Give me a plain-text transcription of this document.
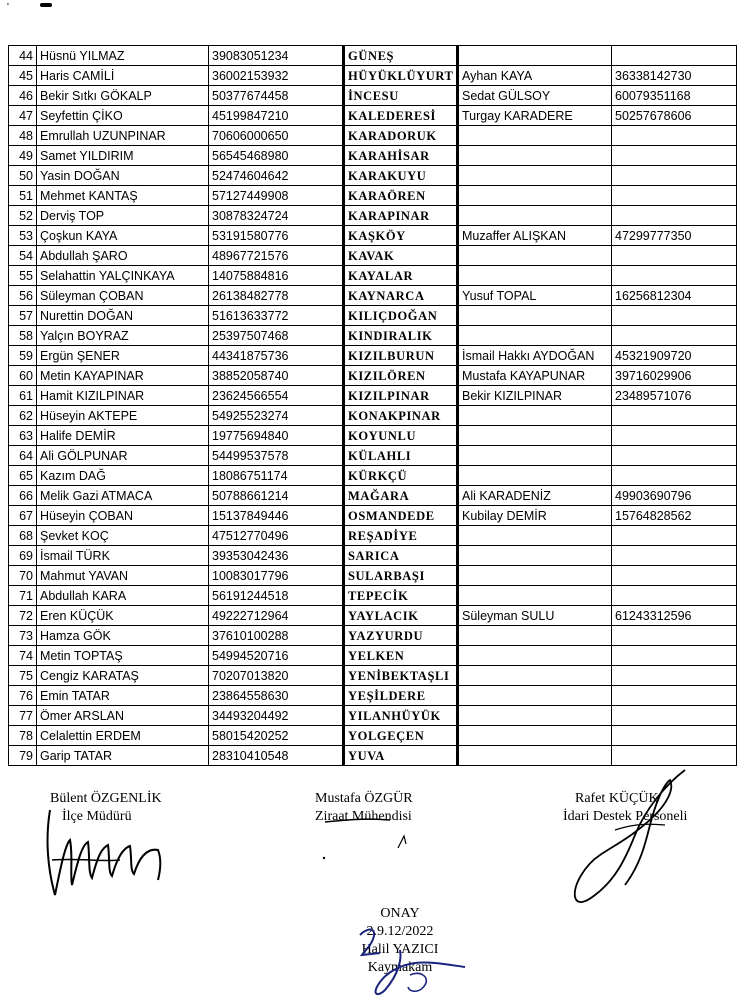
'
44	Hüsnü YILMAZ	39083051234	GÜNEŞ		
45	Haris CAMİLİ	36002153932	HÜYÜKLÜYURT	Ayhan KAYA	36338142730
46	Bekir Sıtkı GÖKALP	50377674458	İNCESU	Sedat GÜLSOY	60079351168
47	Seyfettin ÇİKO	45199847210	KALEDERESİ	Turgay KARADERE	50257678606
48	Emrullah UZUNPINAR	70606000650	KARADORUK		
49	Samet YILDIRIM	56545468980	KARAHİSAR		
50	Yasin DOĞAN	52474604642	KARAKUYU		
51	Mehmet KANTAŞ	57127449908	KARAÖREN		
52	Derviş TOP	30878324724	KARAPINAR		
53	Çoşkun KAYA	53191580776	KAŞKÖY	Muzaffer ALIŞKAN	47299777350
54	Abdullah ŞARO	48967721576	KAVAK		
55	Selahattin YALÇINKAYA	14075884816	KAYALAR		
56	Süleyman ÇOBAN	26138482778	KAYNARCA	Yusuf TOPAL	16256812304
57	Nurettin DOĞAN	51613633772	KILIÇDOĞAN		
58	Yalçın BOYRAZ	25397507468	KINDIRALIK		
59	Ergün ŞENER	44341875736	KIZILBURUN	İsmail Hakkı AYDOĞAN	45321909720
60	Metin KAYAPINAR	38852058740	KIZILÖREN	Mustafa KAYAPUNAR	39716029906
61	Hamit KIZILPINAR	23624566554	KIZILPINAR	Bekir KIZILPINAR	23489571076
62	Hüseyin AKTEPE	54925523274	KONAKPINAR		
63	Halife DEMİR	19775694840	KOYUNLU		
64	Ali GÖLPUNAR	54499537578	KÜLAHLI		
65	Kazım DAĞ	18086751174	KÜRKÇÜ		
66	Melik Gazi ATMACA	50788661214	MAĞARA	Ali KARADENİZ	49903690796
67	Hüseyin ÇOBAN	15137849446	OSMANDEDE	Kubilay DEMİR	15764828562
68	Şevket KOÇ	47512770496	REŞADİYE		
69	İsmail TÜRK	39353042436	SARICA		
70	Mahmut YAVAN	10083017796	SULARBAŞI		
71	Abdullah KARA	56191244518	TEPECİK		
72	Eren KÜÇÜK	49222712964	YAYLACIK	Süleyman SULU	61243312596
73	Hamza GÖK	37610100288	YAZYURDU		
74	Metin TOPTAŞ	54994520716	YELKEN		
75	Cengiz KARATAŞ	70207013820	YENİBEKTAŞLI		
76	Emin TATAR	23864558630	YEŞİLDERE		
77	Ömer ARSLAN	34493204492	YILANHÜYÜK		
78	Celalettin ERDEM	58015420252	YOLGEÇEN		
79	Garip TATAR	28310410548	YUVA		
Bülent ÖZGENLİK
İlçe Müdürü
Mustafa ÖZGÜR
Ziraat Mühendisi
Rafet KÜÇÜK
İdari Destek Personeli
ONAY
2.9.12/2022
Halil YAZICI
Kaymakam
